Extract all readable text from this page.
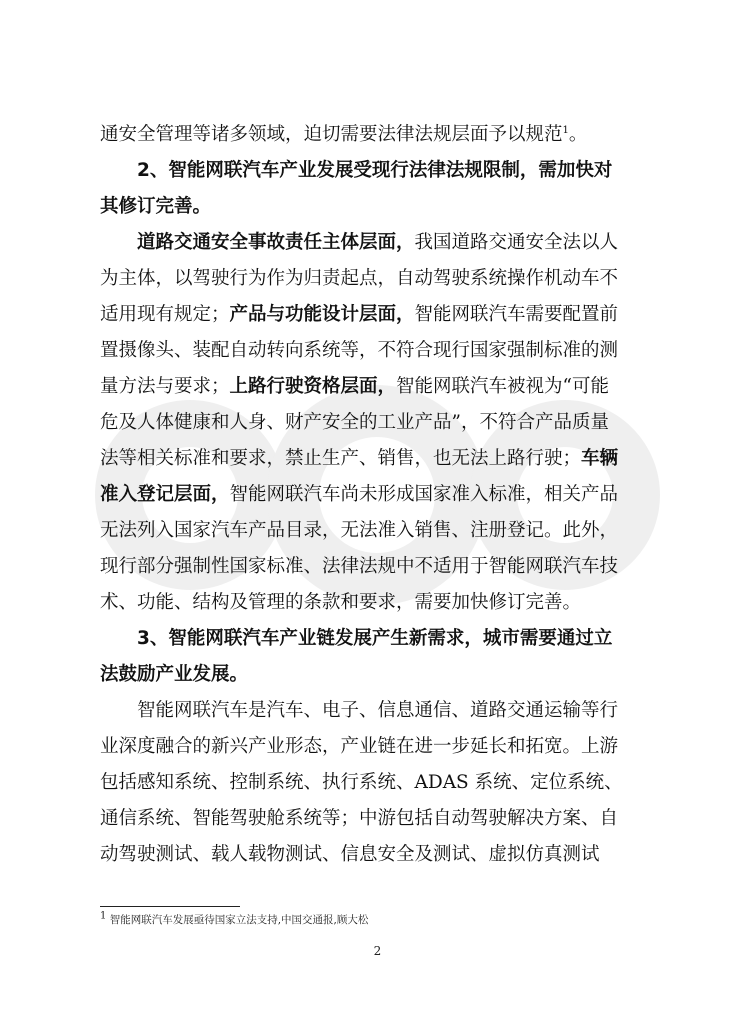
通安全管理等诸多领域，迫切需要法律法规层面予以规范$^1$。

2、智能网联汽车产业发展受现行法律法规限制，需加快对

其修订完善。

道路交通安全事故责任主体层面，我国道路交通安全法以人

为主体，以驾驶行为作为归责起点，自动驾驶系统操作机动车不

适用现有规定；产品与功能设计层面，智能网联汽车需要配置前

置摄像头、装配自动转向系统等，不符合现行国家强制标准的测

量方法与要求；上路行驶资格层面，智能网联汽车被视为“可能

危及人体健康和人身、财产安全的工业产品”，不符合产品质量

法等相关标准和要求，禁止生产、销售，也无法上路行驶；车辆

准入登记层面，智能网联汽车尚未形成国家准入标准，相关产品

无法列入国家汽车产品目录，无法准入销售、注册登记。此外，

现行部分强制性国家标准、法律法规中不适用于智能网联汽车技

术、功能、结构及管理的条款和要求，需要加快修订完善。

3、智能网联汽车产业链发展产生新需求，城市需要通过立

法鼓励产业发展。

智能网联汽车是汽车、电子、信息通信、道路交通运输等行

业深度融合的新兴产业形态，产业链在进一步延长和拓宽。上游

包括感知系统、控制系统、执行系统、ADAS 系统、定位系统、

通信系统、智能驾驶舱系统等；中游包括自动驾驶解决方案、自

动驾驶测试、载人载物测试、信息安全及测试、虚拟仿真测试

1 智能网联汽车发展亟待国家立法支持,中国交通报,顾大松
2
